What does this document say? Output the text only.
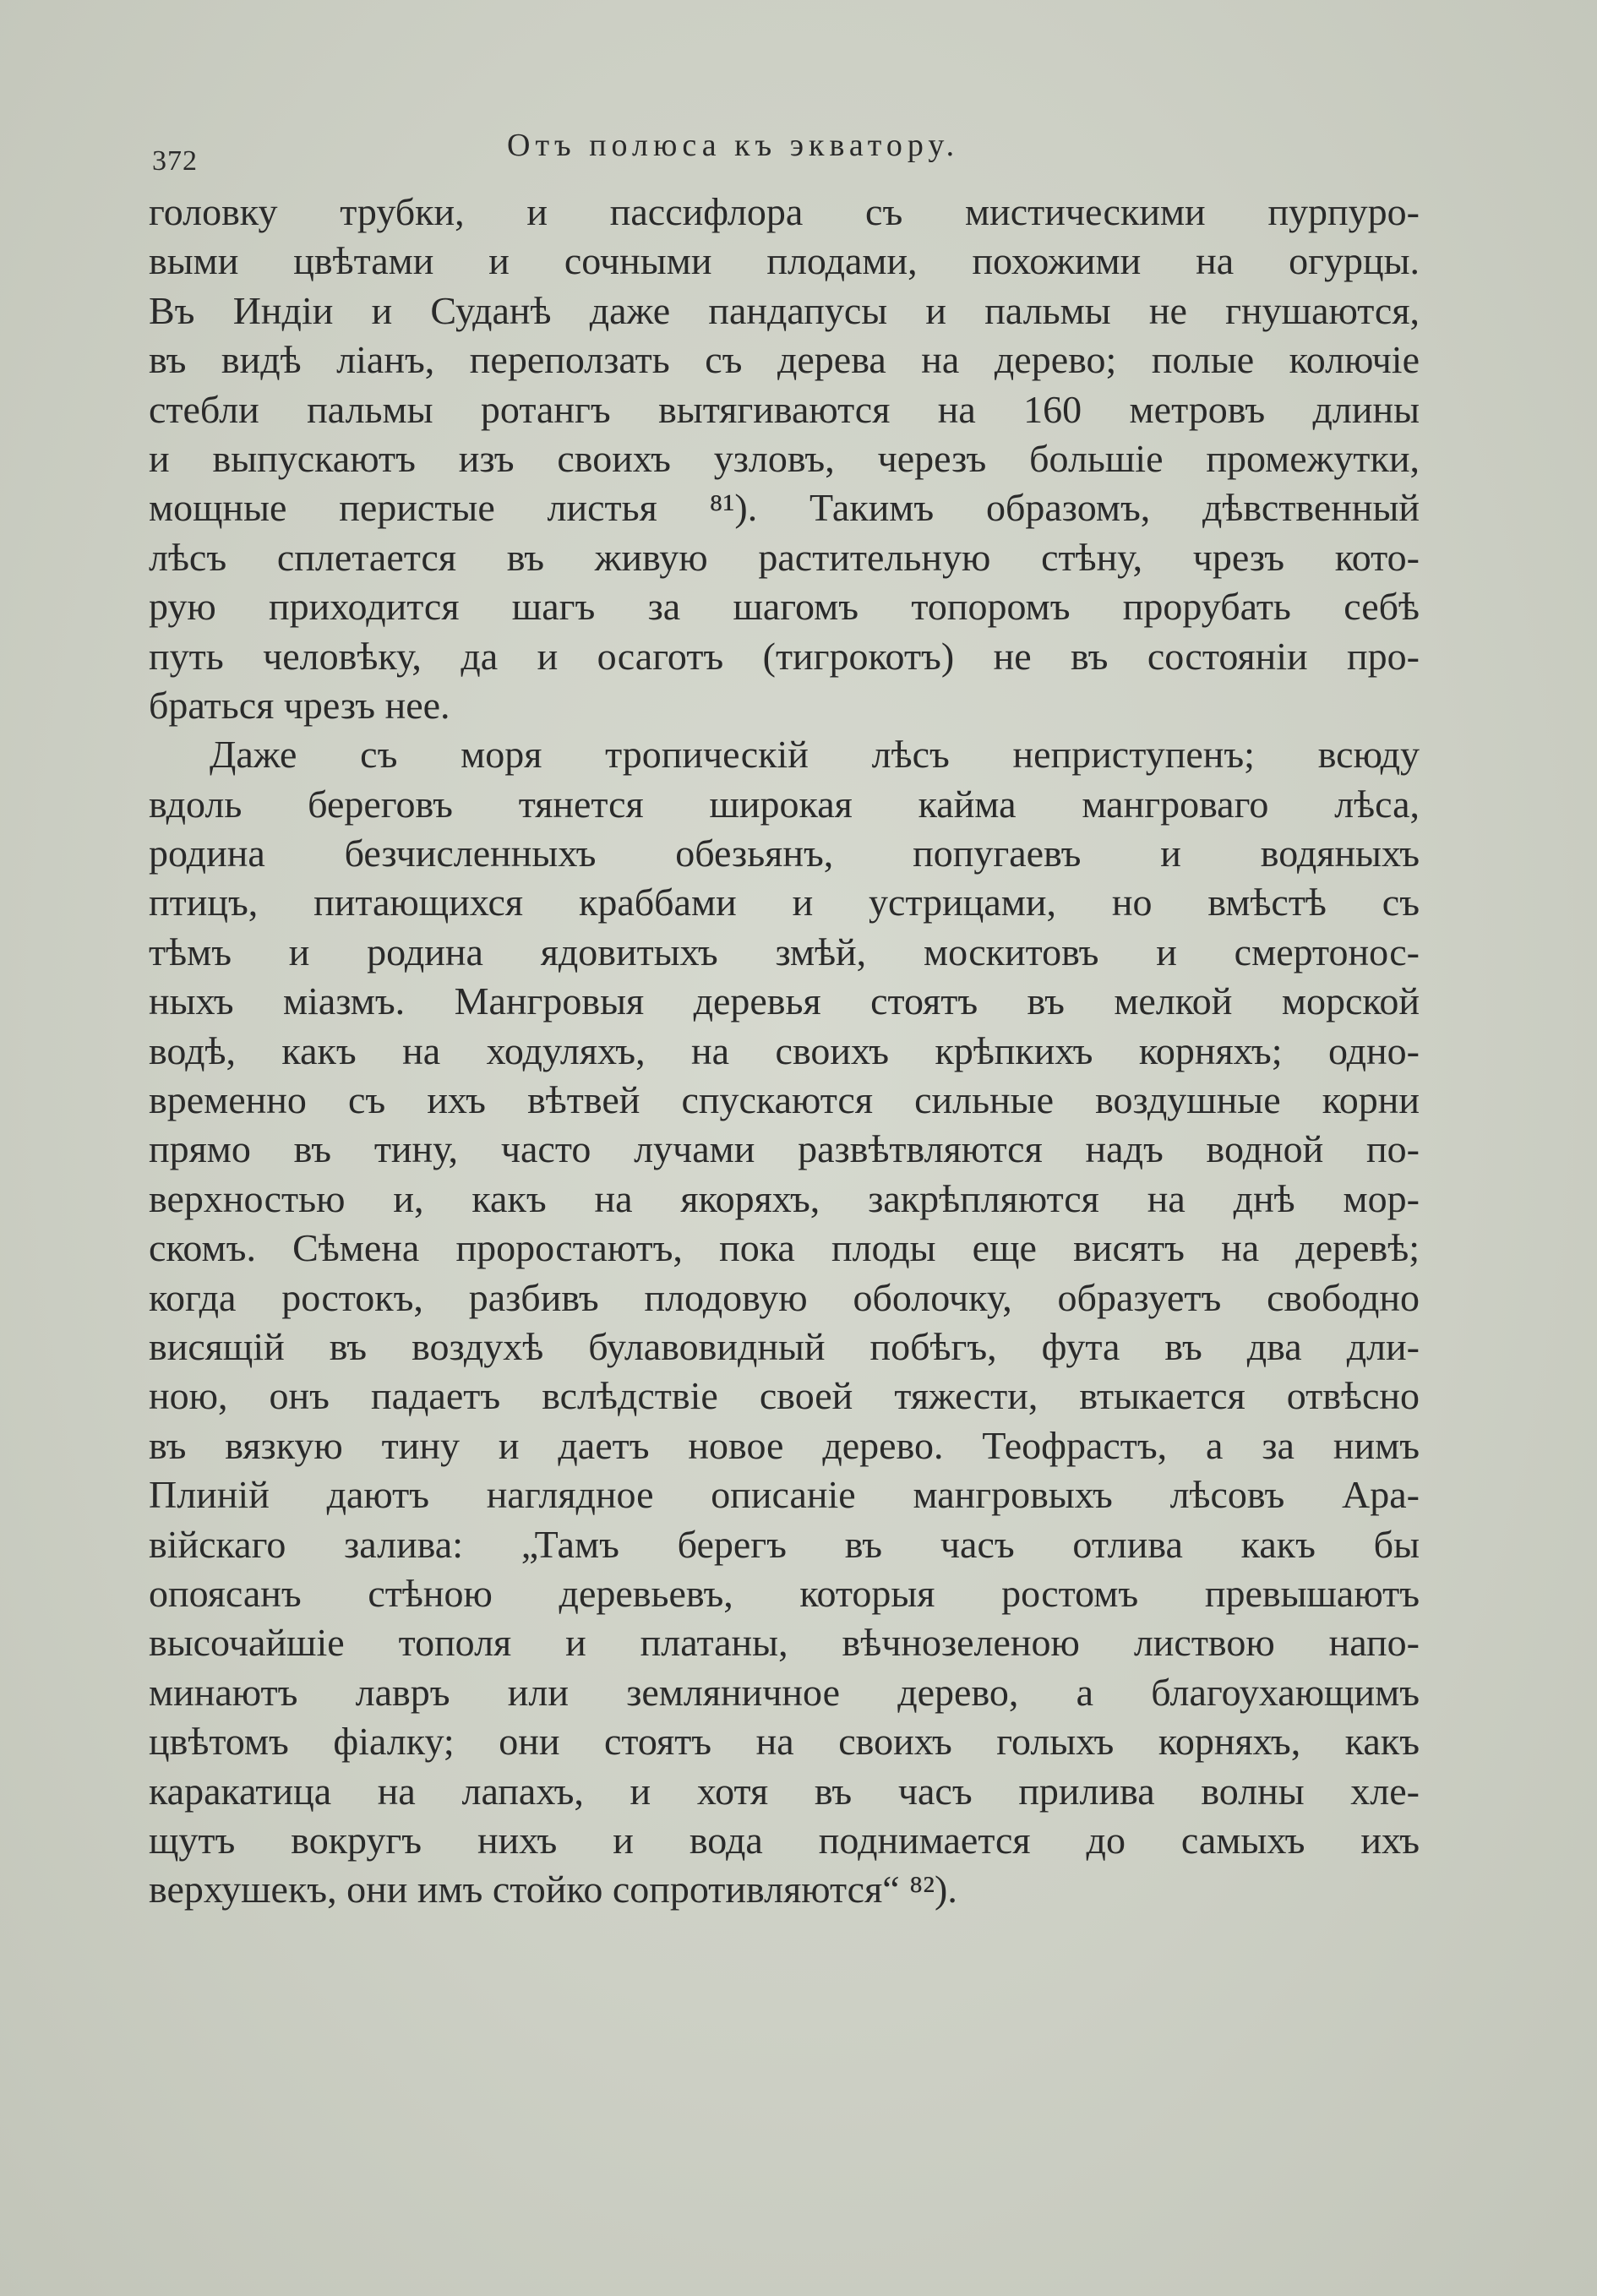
372	Отъ полюса къ экватору.
головку трубки, и пассифлора съ мистическими пурпуро-
выми цвѣтами и сочными плодами, похожими на огурцы.
Въ Индіи и Суданѣ даже пандапусы и пальмы не гнушаются,
въ видѣ ліанъ, переползать съ дерева на дерево; полые колючіе
стебли пальмы ротангъ вытягиваются на 160 метровъ длины
и выпускаютъ изъ своихъ узловъ, черезъ большіе промежутки,
мощные перистые листья ⁸¹). Такимъ образомъ, дѣвственный
лѣсъ сплетается въ живую растительную стѣну, чрезъ кото-
рую приходится шагъ за шагомъ топоромъ прорубать себѣ
путь человѣку, да и осаготъ (тигрокотъ) не въ состояніи про-
браться чрезъ нее.
Даже съ моря тропическій лѣсъ неприступенъ; всюду
вдоль береговъ тянется широкая кайма мангроваго лѣса,
родина безчисленныхъ обезьянъ, попугаевъ и водяныхъ
птицъ, питающихся краббами и устрицами, но вмѣстѣ съ
тѣмъ и родина ядовитыхъ змѣй, москитовъ и смертонос-
ныхъ міазмъ. Мангровыя деревья стоятъ въ мелкой морской
водѣ, какъ на ходуляхъ, на своихъ крѣпкихъ корняхъ; одно-
временно съ ихъ вѣтвей спускаются сильные воздушные корни
прямо въ тину, часто лучами развѣтвляются надъ водной по-
верхностью и, какъ на якоряхъ, закрѣпляются на днѣ мор-
скомъ. Сѣмена проростаютъ, пока плоды еще висятъ на деревѣ;
когда ростокъ, разбивъ плодовую оболочку, образуетъ свободно
висящій въ воздухѣ булавовидный побѣгъ, фута въ два дли-
ною, онъ падаетъ вслѣдствіе своей тяжести, втыкается отвѣсно
въ вязкую тину и даетъ новое дерево. Теофрастъ, а за нимъ
Плиній даютъ наглядное описаніе мангровыхъ лѣсовъ Ара-
війскаго залива: „Тамъ берегъ въ часъ отлива какъ бы
опоясанъ стѣною деревьевъ, которыя ростомъ превышаютъ
высочайшіе тополя и платаны, вѣчнозеленою листвою напо-
минаютъ лавръ или земляничное дерево, а благоухающимъ
цвѣтомъ фіалку; они стоятъ на своихъ голыхъ корняхъ, какъ
каракатица на лапахъ, и хотя въ часъ прилива волны хле-
щутъ вокругъ нихъ и вода поднимается до самыхъ ихъ
верхушекъ, они имъ стойко сопротивляются“ ⁸²).
